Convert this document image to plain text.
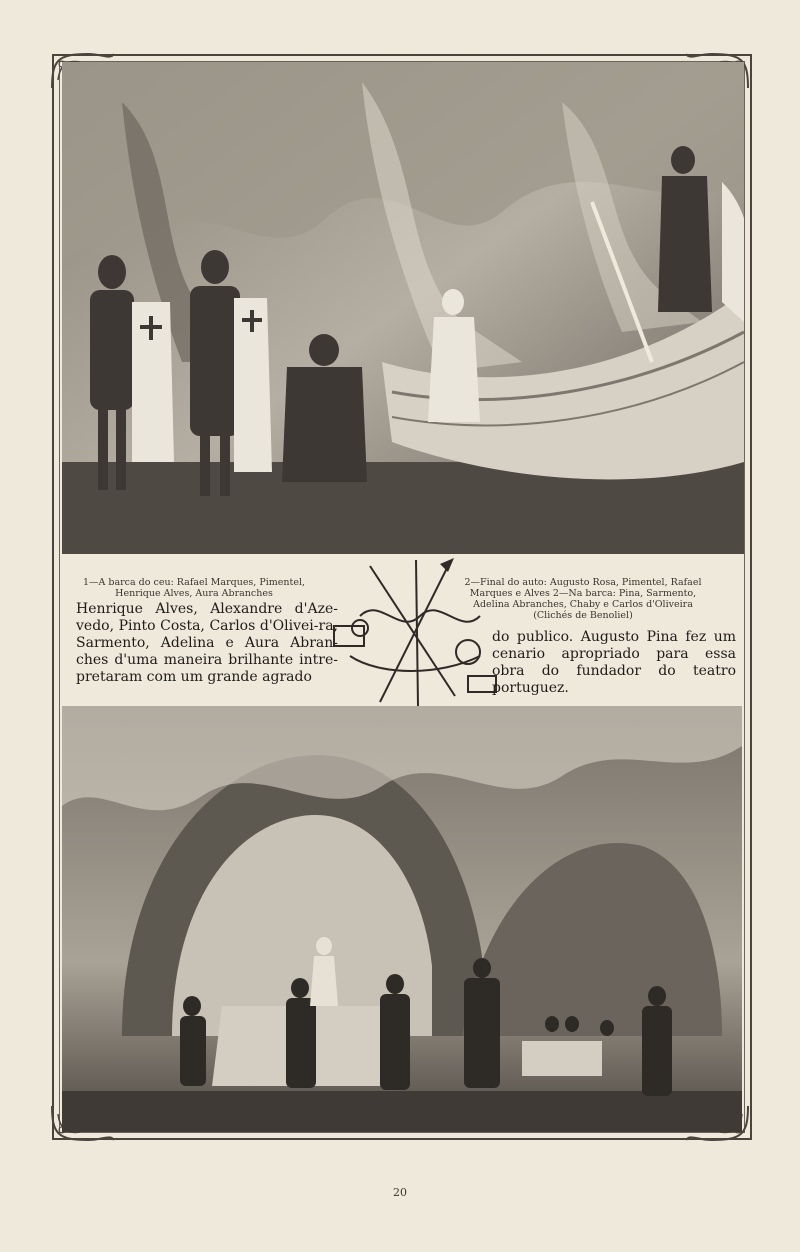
1—A barca do ceu: Rafael Marques, Pimentel, Henrique Alves, Aura Abranches
Henrique Alves, Alexandre d'Aze-vedo, Pinto Costa, Carlos d'Olivei-ra, Sarmento, Adelina e Aura Abran-ches d'uma maneira brilhante intre-pretaram com um grande agrado
2—Final do auto: Augusto Rosa, Pimentel, Rafael Marques e Alves 2—Na barca: Pina, Sarmento, Adelina Abranches, Chaby e Carlos d'Oliveira
(Clichés de Benoliel)
do publico. Augusto Pina fez um cenario apropriado para essa obra do fundador do teatro portuguez.
20
